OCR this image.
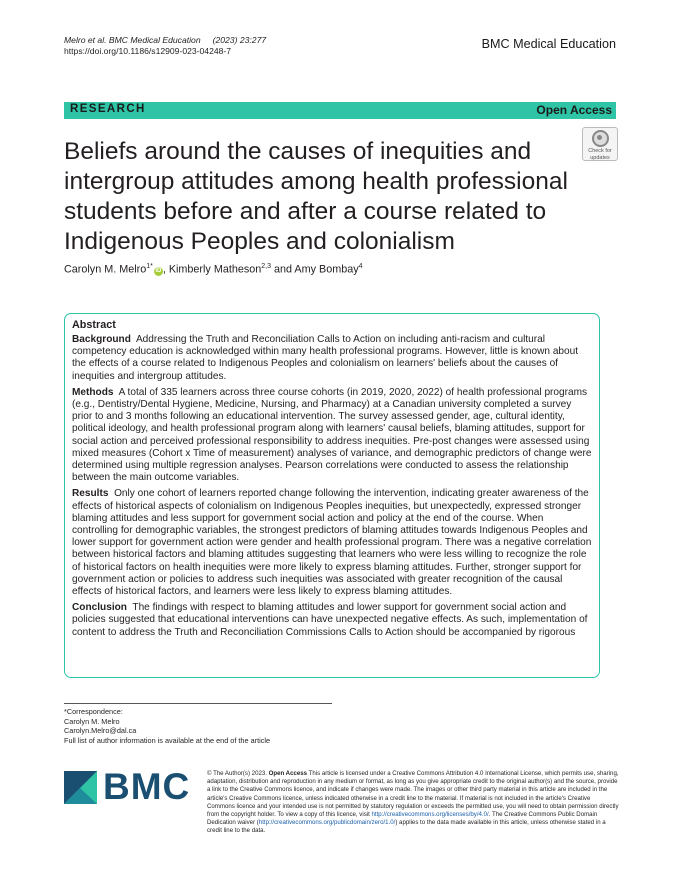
Melro et al. BMC Medical Education (2023) 23:277
https://doi.org/10.1186/s12909-023-04248-7	BMC Medical Education
RESEARCH	Open Access
Check for
updates
Beliefs around the causes of inequities and intergroup attitudes among health professional students before and after a course related to Indigenous Peoples and colonialism
Carolyn M. Melro$^{1*}$iD , Kimberly Matheson$^{2,3}$ and Amy Bombay$^4$
Abstract

Background Addressing the Truth and Reconciliation Calls to Action on including anti-racism and cultural competency education is acknowledged within many health professional programs. However, little is known about the effects of a course related to Indigenous Peoples and colonialism on learners' beliefs about the causes of inequities and intergroup attitudes.

Methods A total of 335 learners across three course cohorts (in 2019, 2020, 2022) of health professional programs (e.g., Dentistry/Dental Hygiene, Medicine, Nursing, and Pharmacy) at a Canadian university completed a survey prior to and 3 months following an educational intervention. The survey assessed gender, age, cultural identity, political ideology, and health professional program along with learners' causal beliefs, blaming attitudes, support for social action and perceived professional responsibility to address inequities. Pre-post changes were assessed using mixed measures (Cohort x Time of measurement) analyses of variance, and demographic predictors of change were determined using multiple regression analyses. Pearson correlations were conducted to assess the relationship between the main outcome variables.

Results Only one cohort of learners reported change following the intervention, indicating greater awareness of the effects of historical aspects of colonialism on Indigenous Peoples inequities, but unexpectedly, expressed stronger blaming attitudes and less support for government social action and policy at the end of the course. When controlling for demographic variables, the strongest predictors of blaming attitudes towards Indigenous Peoples and lower support for government action were gender and health professional program. There was a negative correlation between historical factors and blaming attitudes suggesting that learners who were less willing to recognize the role of historical factors on health inequities were more likely to express blaming attitudes. Further, stronger support for government action or policies to address such inequities was associated with greater recognition of the causal effects of historical factors, and learners were less likely to express blaming attitudes.

Conclusion The findings with respect to blaming attitudes and lower support for government social action and policies suggested that educational interventions can have unexpected negative effects. As such, implementation of content to address the Truth and Reconciliation Commissions Calls to Action should be accompanied by rigorous

*Correspondence:
Carolyn M. Melro
Carolyn.Melro@dal.ca
Full list of author information is available at the end of the article
BMC	© The Author(s) 2023. Open Access This article is licensed under a Creative Commons Attribution 4.0 International License, which permits use, sharing, adaptation, distribution and reproduction in any medium or format, as long as you give appropriate credit to the original author(s) and the source, provide a link to the Creative Commons licence, and indicate if changes were made. The images or other third party material in this article are included in the article's Creative Commons licence, unless indicated otherwise in a credit line to the material. If material is not included in the article's Creative Commons licence and your intended use is not permitted by statutory regulation or exceeds the permitted use, you will need to obtain permission directly from the copyright holder. To view a copy of this licence, visit http://creativecommons.org/licenses/by/4.0/. The Creative Commons Public Domain Dedication waiver (http://creativecommons.org/publicdomain/zero/1.0/) applies to the data made available in this article, unless otherwise stated in a credit line to the data.
